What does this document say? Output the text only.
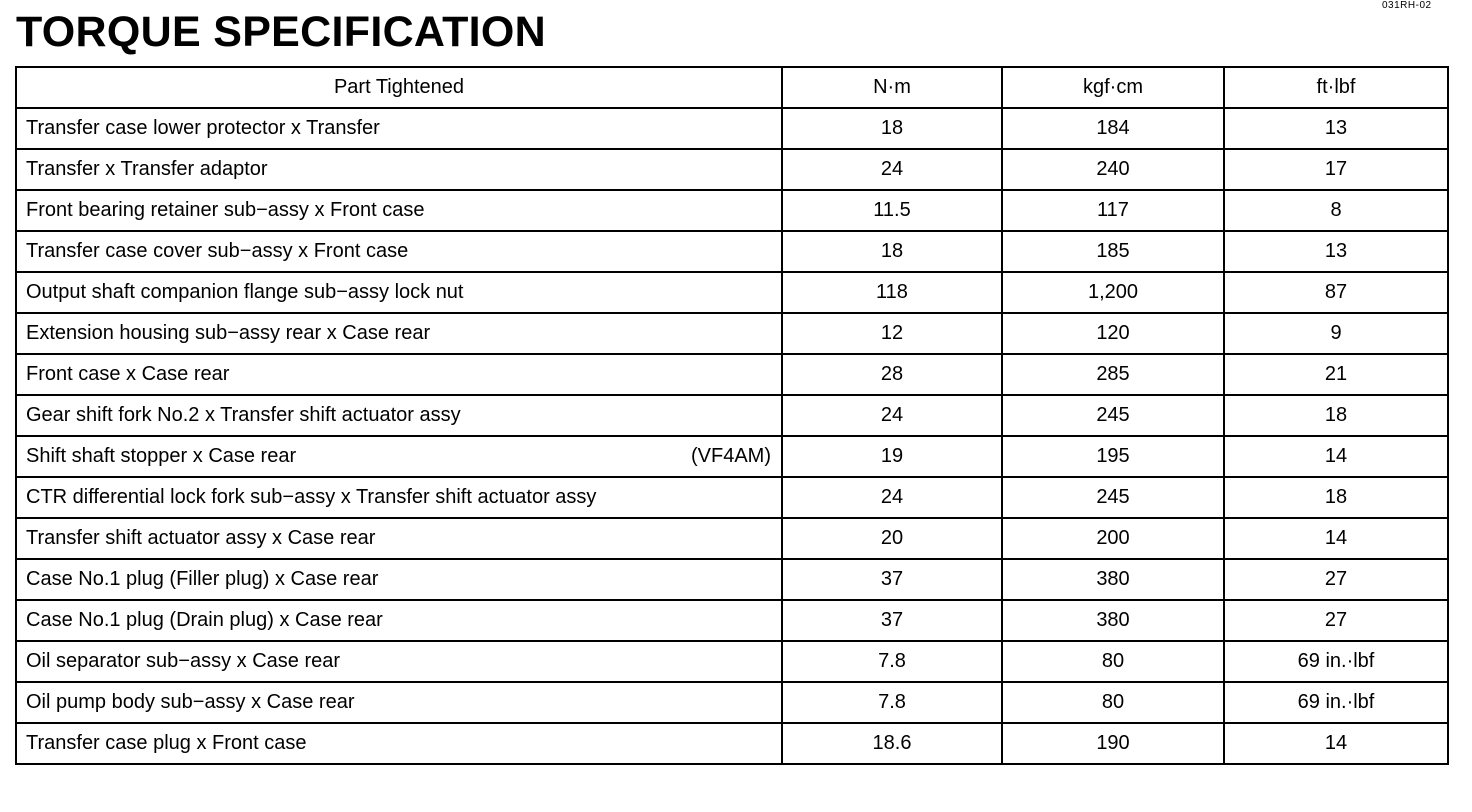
031RH-02
TORQUE SPECIFICATION
Part Tightened	N·m	kgf·cm	ft·lbf

Transfer case lower protector x Transfer	18	184	13

Transfer x Transfer adaptor	24	240	17

Front bearing retainer sub−assy x Front case	11.5	117	8

Transfer case cover sub−assy x Front case	18	185	13

Output shaft companion flange sub−assy lock nut	118	1,200	87

Extension housing sub−assy rear x Case rear	12	120	9

Front case x Case rear	28	285	21

Gear shift fork No.2 x Transfer shift actuator assy	24	245	18

Shift shaft stopper x Case rear (VF4AM)	19	195	14

CTR differential lock fork sub−assy x Transfer shift actuator assy	24	245	18

Transfer shift actuator assy x Case rear	20	200	14

Case No.1 plug (Filler plug) x Case rear	37	380	27

Case No.1 plug (Drain plug) x Case rear	37	380	27

Oil separator sub−assy x Case rear	7.8	80	69 in.·lbf

Oil pump body sub−assy x Case rear	7.8	80	69 in.·lbf

Transfer case plug x Front case	18.6	190	14
